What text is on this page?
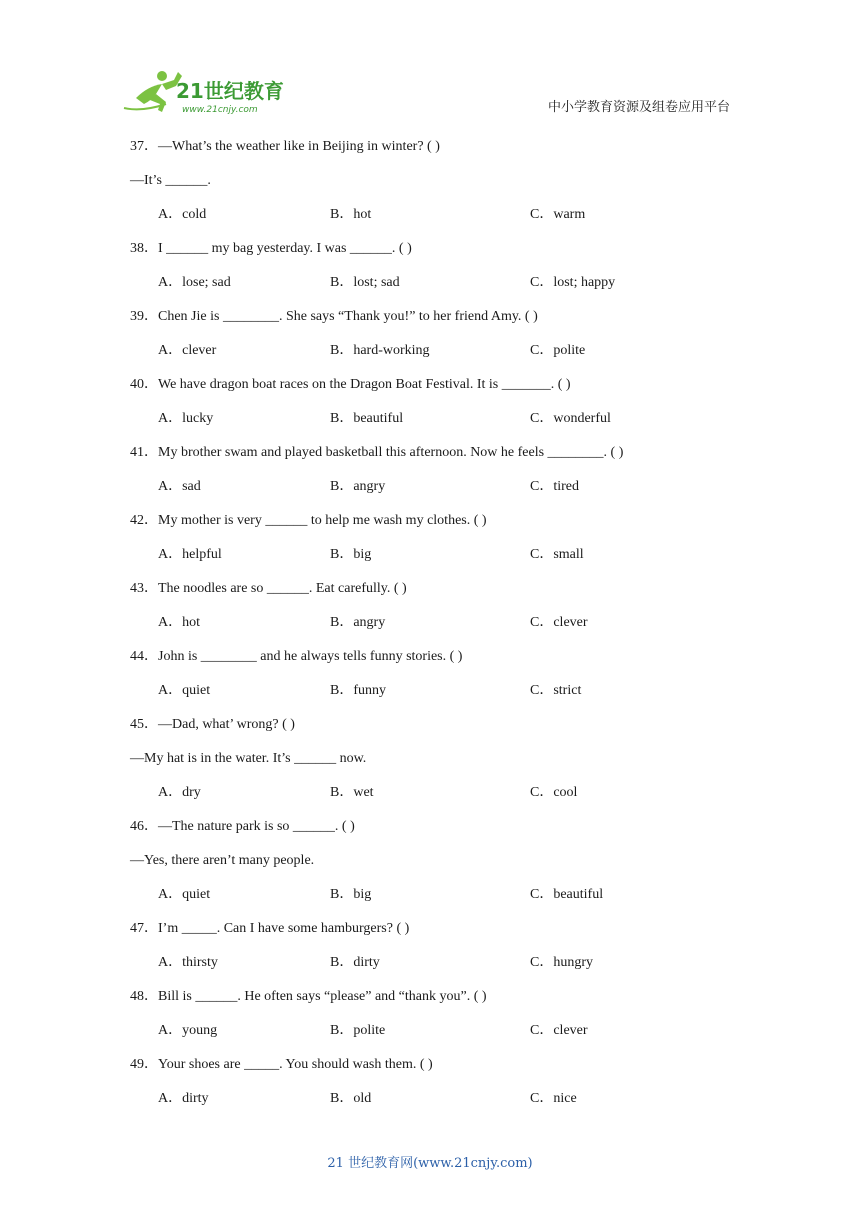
21世纪教育
www.21cnjy.com	中小学教育资源及组卷应用平台
37．—What’s the weather like in Beijing in winter? ( )
—It’s ______.
A．cold	B．hot	C．warm
38．I ______ my bag yesterday. I was ______. ( )
A．lose; sad	B．lost; sad	C．lost; happy
39．Chen Jie is ________. She says “Thank you!” to her friend Amy. ( )
A．clever	B．hard-working	C．polite
40．We have dragon boat races on the Dragon Boat Festival. It is _______. ( )
A．lucky	B．beautiful	C．wonderful
41．My brother swam and played basketball this afternoon. Now he feels ________. ( )
A．sad	B．angry	C．tired
42．My mother is very ______ to help me wash my clothes. ( )
A．helpful	B．big	C．small
43．The noodles are so ______. Eat carefully. ( )
A．hot	B．angry	C．clever
44．John is ________ and he always tells funny stories. ( )
A．quiet	B．funny	C．strict
45．—Dad, what’ wrong? ( )
—My hat is in the water. It’s ______ now.
A．dry	B．wet	C．cool
46．—The nature park is so ______. ( )
—Yes, there aren’t many people.
A．quiet	B．big	C．beautiful
47．I’m _____. Can I have some hamburgers? ( )
A．thirsty	B．dirty	C．hungry
48．Bill is ______. He often says “please” and “thank you”. ( )
A．young	B．polite	C．clever
49．Your shoes are _____. You should wash them. ( )
A．dirty	B．old	C．nice
21 世纪教育网(www.21cnjy.com)
